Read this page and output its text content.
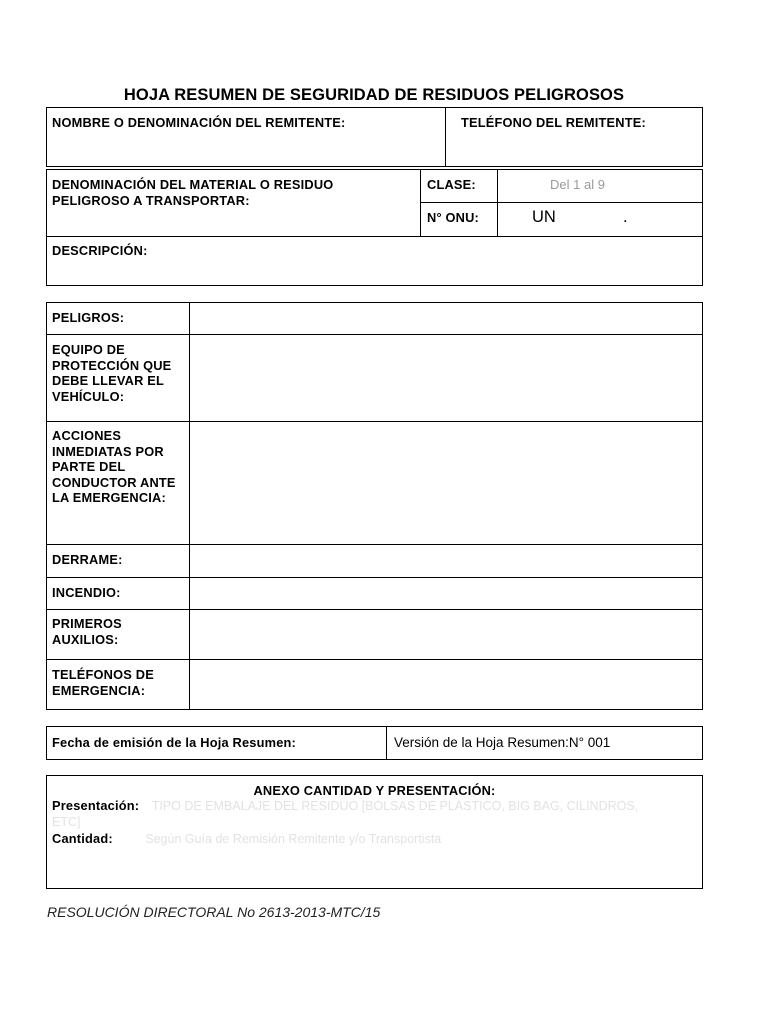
HOJA RESUMEN DE SEGURIDAD DE RESIDUOS PELIGROSOS
NOMBRE O DENOMINACIÓN DEL REMITENTE:	TELÉFONO DEL REMITENTE:
DENOMINACIÓN DEL MATERIAL O RESIDUO
PELIGROSO A TRANSPORTAR:
CLASE:	Del 1 al 9
N° ONU:	UN	.
DESCRIPCIÓN:
PELIGROS:
EQUIPO DE PROTECCIÓN QUE DEBE LLEVAR EL VEHÍCULO:
ACCIONES INMEDIATAS POR PARTE DEL CONDUCTOR ANTE LA EMERGENCIA:
DERRAME:
INCENDIO:
PRIMEROS AUXILIOS:
TELÉFONOS DE EMERGENCIA:
Fecha de emisión de la Hoja Resumen:	Versión de la Hoja Resumen:N° 001
ANEXO CANTIDAD Y PRESENTACIÓN:
Presentación: TIPO DE EMBALAJE DEL RESIDUO [BOLSAS DE PLASTICO, BIG BAG, CILINDROS, ETC]
Cantidad:	Según Guía de Remisión Remitente y/o Transportista
RESOLUCIÓN DIRECTORAL No 2613-2013-MTC/15
